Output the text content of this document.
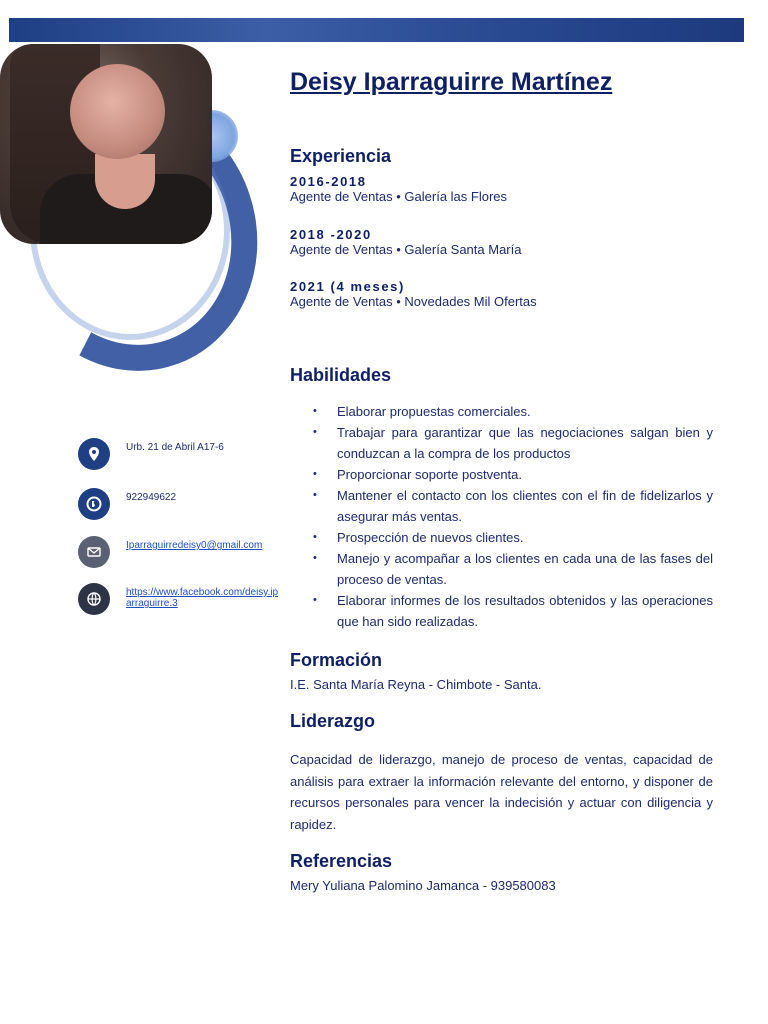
Urb. 21 de Abril A17-6
922949622
Iparraguirredeisy0@gmail.com
https://www.facebook.com/deisy.iparraguirre.3
Deisy Iparraguirre Martínez
Experiencia
2016-2018
Agente de Ventas • Galería las Flores
2018 -2020
Agente de Ventas • Galería Santa María
2021 (4 meses)
Agente de Ventas • Novedades Mil Ofertas
Habilidades
• Elaborar propuestas comerciales.
• Trabajar para garantizar que las negociaciones salgan bien y conduzcan a la compra de los productos
• Proporcionar soporte postventa.
• Mantener el contacto con los clientes con el fin de fidelizarlos y asegurar más ventas.
• Prospección de nuevos clientes.
• Manejo y acompañar a los clientes en cada una de las fases del proceso de ventas.
• Elaborar informes de los resultados obtenidos y las operaciones que han sido realizadas.
Formación

I.E. Santa María Reyna - Chimbote - Santa.

Liderazgo

Capacidad de liderazgo, manejo de proceso de ventas, capacidad de análisis para extraer la información relevante del entorno, y disponer de recursos personales para vencer la indecisión y actuar con diligencia y rapidez.

Referencias

Mery Yuliana Palomino Jamanca - 939580083
